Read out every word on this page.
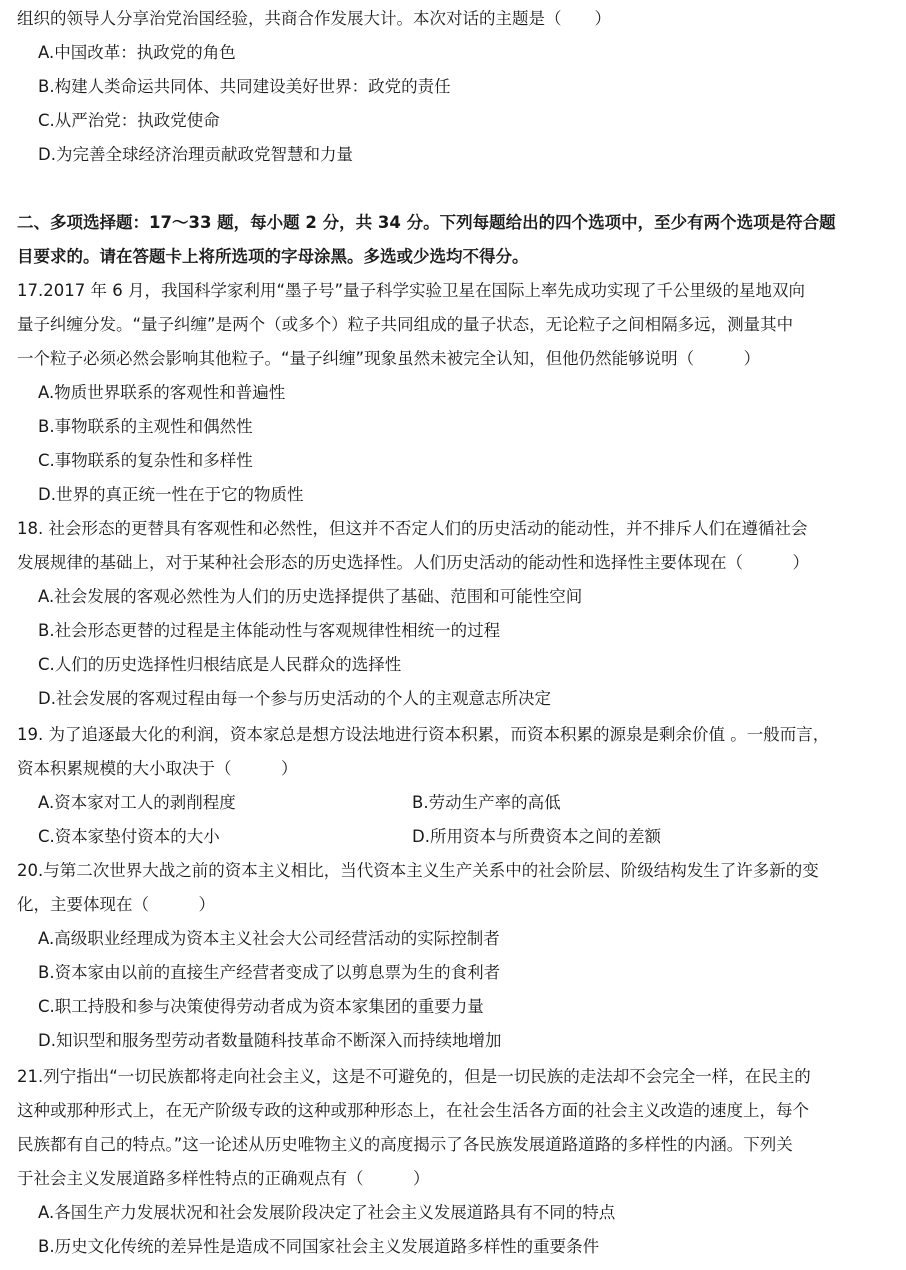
组织的领导人分享治党治国经验，共商合作发展大计。本次对话的主题是（　　）
A.中国改革：执政党的角色
B.构建人类命运共同体、共同建设美好世界：政党的责任
C.从严治党：执政党使命
D.为完善全球经济治理贡献政党智慧和力量
二、多项选择题：17～33 题，每小题 2 分，共 34 分。下列每题给出的四个选项中，至少有两个选项是符合题
目要求的。请在答题卡上将所选项的字母涂黑。多选或少选均不得分。
17.2017 年 6 月，我国科学家利用“墨子号”量子科学实验卫星在国际上率先成功实现了千公里级的星地双向
量子纠缠分发。“量子纠缠”是两个（或多个）粒子共同组成的量子状态，无论粒子之间相隔多远，测量其中
一个粒子必须必然会影响其他粒子。“量子纠缠”现象虽然未被完全认知，但他仍然能够说明（　　　）
A.物质世界联系的客观性和普遍性
B.事物联系的主观性和偶然性
C.事物联系的复杂性和多样性
D.世界的真正统一性在于它的物质性
18. 社会形态的更替具有客观性和必然性，但这并不否定人们的历史活动的能动性，并不排斥人们在遵循社会
发展规律的基础上，对于某种社会形态的历史选择性。人们历史活动的能动性和选择性主要体现在（　　　）
A.社会发展的客观必然性为人们的历史选择提供了基础、范围和可能性空间
B.社会形态更替的过程是主体能动性与客观规律性相统一的过程
C.人们的历史选择性归根结底是人民群众的选择性
D.社会发展的客观过程由每一个参与历史活动的个人的主观意志所决定
19. 为了追逐最大化的利润，资本家总是想方设法地进行资本积累，而资本积累的源泉是剩余价值 。一般而言，
资本积累规模的大小取决于（　　　）
A.资本家对工人的剥削程度	B.劳动生产率的高低
C.资本家垫付资本的大小	D.所用资本与所费资本之间的差额
20.与第二次世界大战之前的资本主义相比，当代资本主义生产关系中的社会阶层、阶级结构发生了许多新的变
化，主要体现在（　　　）
A.高级职业经理成为资本主义社会大公司经营活动的实际控制者
B.资本家由以前的直接生产经营者变成了以剪息票为生的食利者
C.职工持股和参与决策使得劳动者成为资本家集团的重要力量
D.知识型和服务型劳动者数量随科技革命不断深入而持续地增加
21.列宁指出“一切民族都将走向社会主义，这是不可避免的，但是一切民族的走法却不会完全一样，在民主的
这种或那种形式上，在无产阶级专政的这种或那种形态上，在社会生活各方面的社会主义改造的速度上，每个
民族都有自己的特点。”这一论述从历史唯物主义的高度揭示了各民族发展道路道路的多样性的内涵。下列关
于社会主义发展道路多样性特点的正确观点有（　　　）
A.各国生产力发展状况和社会发展阶段决定了社会主义发展道路具有不同的特点
B.历史文化传统的差异性是造成不同国家社会主义发展道路多样性的重要条件
